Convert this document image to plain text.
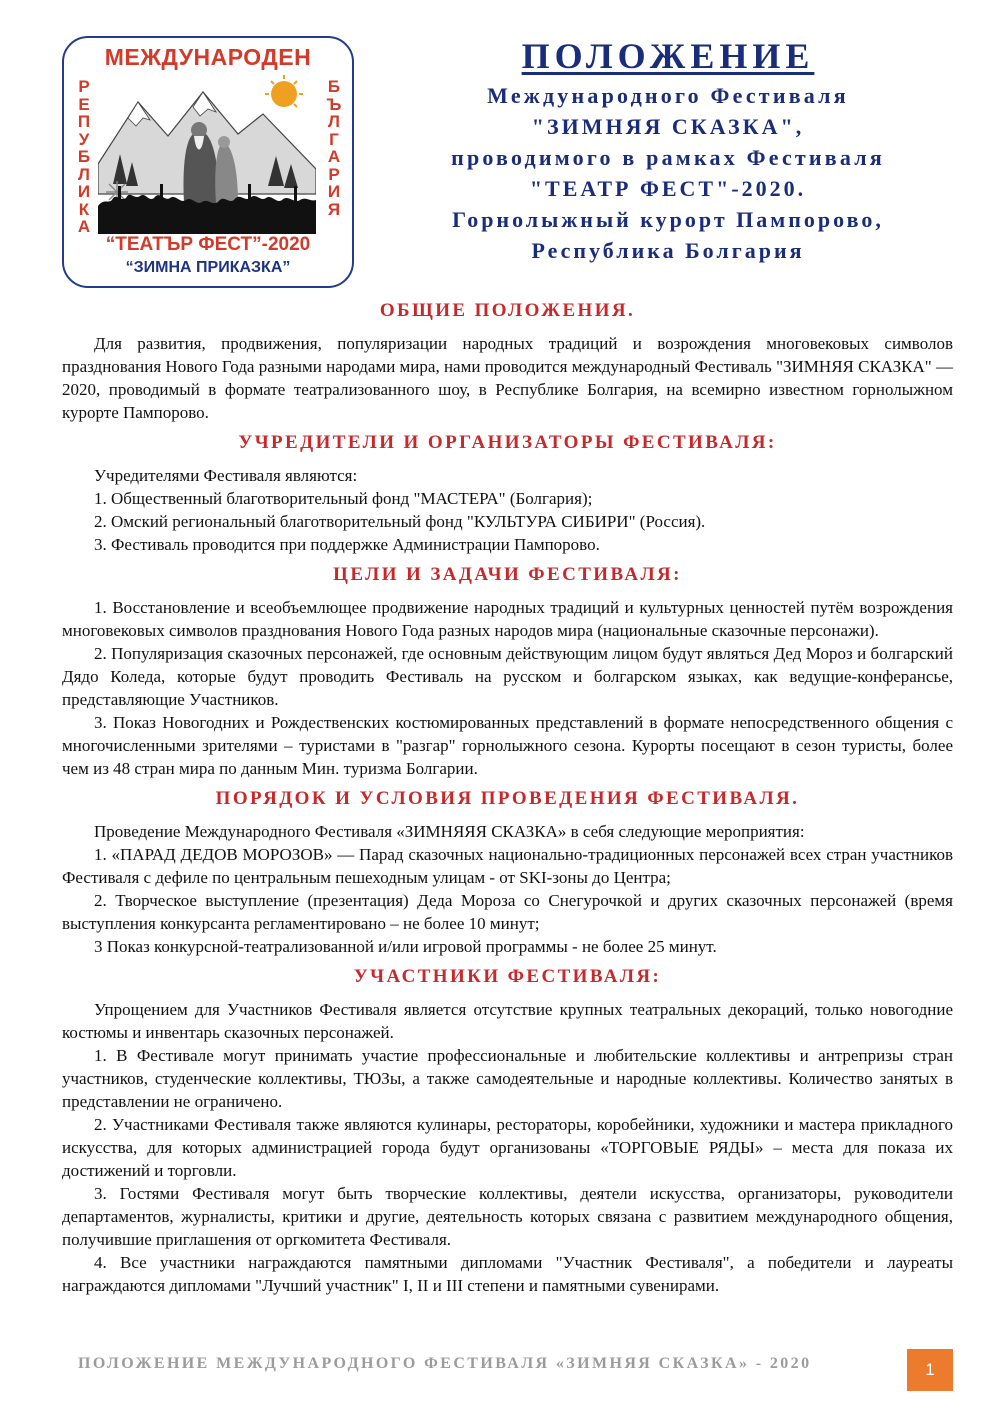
МЕЖДУНАРОДЕН
РЕПУБЛИКА
БЪЛГАРИЯ
“ТЕАТЪР ФЕСТ”-2020
“ЗИМНА ПРИКАЗКА”
ПОЛОЖЕНИЕ
Международного Фестиваля
"ЗИМНЯЯ СКАЗКА",
проводимого в рамках Фестиваля
"ТЕАТР ФЕСТ"-2020.
Горнолыжный курорт Пампорово,
Республика Болгария
ОБЩИЕ ПОЛОЖЕНИЯ.

Для развития, продвижения, популяризации народных традиций и возрождения многовековых символов празднования Нового Года разными народами мира, нами проводится международный Фестиваль "ЗИМНЯЯ СКАЗКА" — 2020, проводимый в формате театрализованного шоу, в Республике Болгария, на всемирно известном горнолыжном курорте Пампорово.

УЧРЕДИТЕЛИ И ОРГАНИЗАТОРЫ ФЕСТИВАЛЯ:

Учредителями Фестиваля являются:

1. Общественный благотворительный фонд "МАСТЕРА" (Болгария);

2. Омский региональный благотворительный фонд "КУЛЬТУРА СИБИРИ" (Россия).

3. Фестиваль проводится при поддержке Администрации Пампорово.

ЦЕЛИ И ЗАДАЧИ ФЕСТИВАЛЯ:

1. Восстановление и всеобъемлющее продвижение народных традиций и культурных ценностей путём возрождения многовековых символов празднования Нового Года разных народов мира (национальные сказочные персонажи).

2. Популяризация сказочных персонажей, где основным действующим лицом будут являться Дед Мороз и болгарский Дядо Коледа, которые будут проводить Фестиваль на русском и болгарском языках, как ведущие-конферансье, представляющие Участников.

3. Показ Новогодних и Рождественских костюмированных представлений в формате непосредственного общения с многочисленными зрителями – туристами в "разгар" горнолыжного сезона. Курорты посещают в сезон туристы, более чем из 48 стран мира по данным Мин. туризма Болгарии.

ПОРЯДОК И УСЛОВИЯ ПРОВЕДЕНИЯ ФЕСТИВАЛЯ.

Проведение Международного Фестиваля «ЗИМНЯЯЯ СКАЗКА» в себя следующие мероприятия:

1. «ПАРАД ДЕДОВ МОРОЗОВ» — Парад сказочных национально-традиционных персонажей всех стран участников Фестиваля с дефиле по центральным пешеходным улицам - от SKI-зоны до Центра;

2. Творческое выступление (презентация) Деда Мороза со Снегурочкой и других сказочных персонажей (время выступления конкурсанта регламентировано – не более 10 минут;

3 Показ конкурсной-театрализованной и/или игровой программы - не более 25 минут.

УЧАСТНИКИ ФЕСТИВАЛЯ:

Упрощением для Участников Фестиваля является отсутствие крупных театральных декораций, только новогодние костюмы и инвентарь сказочных персонажей.

1. В Фестивале могут принимать участие профессиональные и любительские коллективы и антрепризы стран участников, студенческие коллективы, ТЮЗы, а также самодеятельные и народные коллективы. Количество занятых в представлении не ограничено.

2. Участниками Фестиваля также являются кулинары, рестораторы, коробейники, художники и мастера прикладного искусства, для которых администрацией города будут организованы «ТОРГОВЫЕ РЯДЫ» – места для показа их достижений и торговли.

3. Гостями Фестиваля могут быть творческие коллективы, деятели искусства, организаторы, руководители департаментов, журналисты, критики и другие, деятельность которых связана с развитием международного общения, получившие приглашения от оргкомитета Фестиваля.

4. Все участники награждаются памятными дипломами "Участник Фестиваля", а победители и лауреаты награждаются дипломами "Лучший участник" I, II и III степени и памятными сувенирами.

ПОЛОЖЕНИЕ МЕЖДУНАРОДНОГО ФЕСТИВАЛЯ «ЗИМНЯЯ СКАЗКА» - 2020	1
